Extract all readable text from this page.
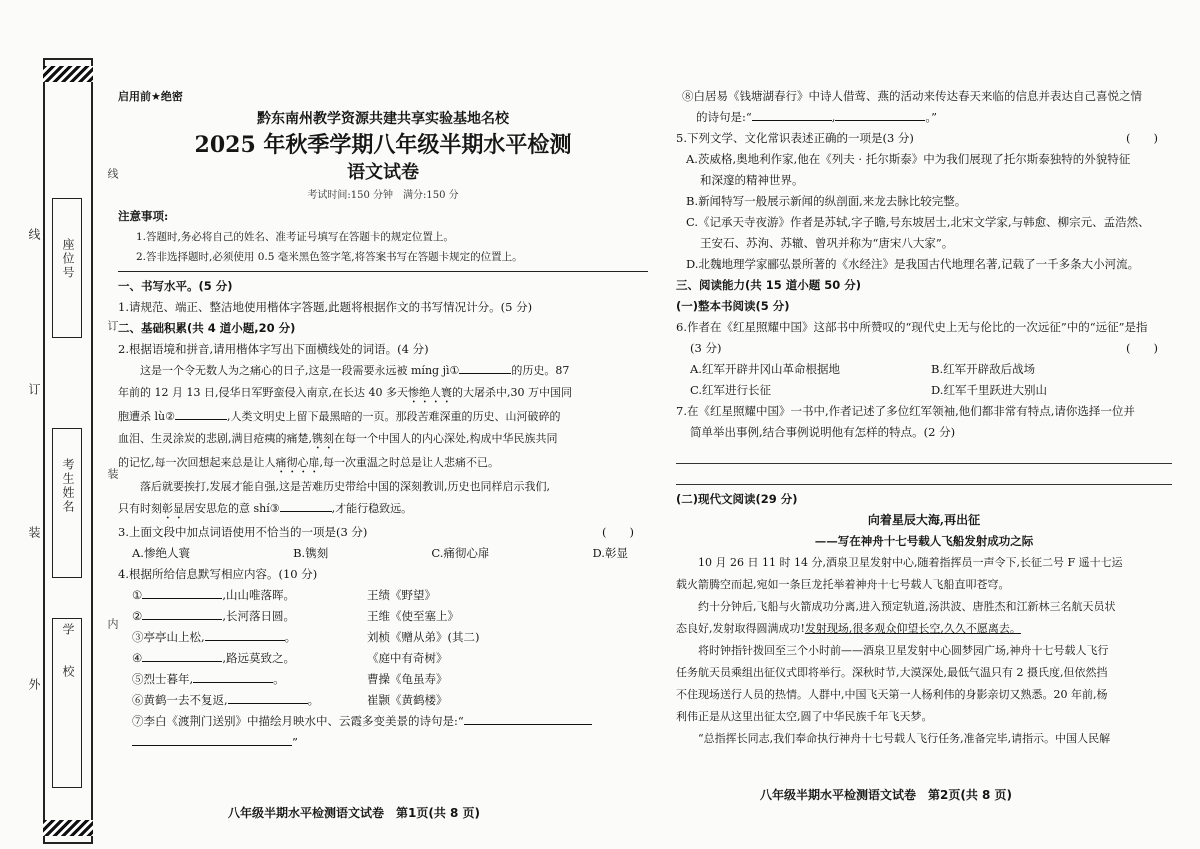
线
座位号
订
考生姓名
装
学　　校
外
线
订
装
内
启用前★绝密
黔东南州教学资源共建共享实验基地名校
2025 年秋季学期八年级半期水平检测
语文试卷
考试时间:150 分钟　满分:150 分
注意事项:
1.答题时,务必将自己的姓名、准考证号填写在答题卡的规定位置上。
2.答非选择题时,必须使用 0.5 毫米黑色签字笔,将答案书写在答题卡规定的位置上。
一、书写水平。(5 分)
1.请规范、端正、整洁地使用楷体字答题,此题将根据作文的书写情况计分。(5 分)
二、基础积累(共 4 道小题,20 分)
2.根据语境和拼音,请用楷体字写出下面横线处的词语。(4 分)
这是一个令无数人为之痛心的日子,这是一段需要永远被 míng jì①	的历史。87
年前的 12 月 13 日,侵华日军野蛮侵入南京,在长达 40 多天惨绝人寰的大屠杀中,30 万中国同
胞遭杀 lù②	,人类文明史上留下最黑暗的一页。那段苦难深重的历史、山河破碎的
血泪、生灵涂炭的悲剧,满目疮痍的痛楚,镌刻在每一个中国人的内心深处,构成中华民族共同
的记忆,每一次回想起来总是让人痛彻心扉,每一次重温之时总是让人悲痛不已。
落后就要挨打,发展才能自强,这是苦难历史带给中国的深刻教训,历史也同样启示我们,
只有时刻彰显居安思危的意 shí③	,才能行稳致远。
3.上面文段中加点词语使用不恰当的一项是(3 分)	(　　)
A.惨绝人寰	B.镌刻	C.痛彻心扉	D.彰显
4.根据所给信息默写相应内容。(10 分)
①	,山山唯落晖。	王绩《野望》
②	,长河落日圆。	王维《使至塞上》
③亭亭山上松,	。	刘桢《赠从弟》(其二)
④	,路远莫致之。	《庭中有奇树》
⑤烈士暮年,	。	曹操《龟虽寿》
⑥黄鹤一去不复返,	。	崔颢《黄鹤楼》
⑦李白《渡荆门送别》中描绘月映水中、云霞多变美景的诗句是:“
”
八年级半期水平检测语文试卷　第1页(共 8 页)
⑧白居易《钱塘湖春行》中诗人借莺、燕的活动来传达春天来临的信息并表达自己喜悦之情
的诗句是:“	,	。”
5.下列文学、文化常识表述正确的一项是(3 分)	(　　)
A.茨威格,奥地利作家,他在《列夫 · 托尔斯泰》中为我们展现了托尔斯泰独特的外貌特征
和深邃的精神世界。
B.新闻特写一般展示新闻的纵剖面,来龙去脉比较完整。
C.《记承天寺夜游》作者是苏轼,字子瞻,号东坡居士,北宋文学家,与韩愈、柳宗元、孟浩然、
王安石、苏洵、苏辙、曾巩并称为“唐宋八大家”。
D.北魏地理学家郦弘景所著的《水经注》是我国古代地理名著,记载了一千多条大小河流。
三、阅读能力(共 15 道小题 50 分)
(一)整本书阅读(5 分)
6.作者在《红星照耀中国》这部书中所赞叹的“现代史上无与伦比的一次远征”中的“远征”是指
(3 分)	(　　)
A.红军开辟井冈山革命根据地	B.红军开辟敌后战场
C.红军进行长征	D.红军千里跃进大别山
7.在《红星照耀中国》一书中,作者记述了多位红军领袖,他们都非常有特点,请你选择一位并
简单举出事例,结合事例说明他有怎样的特点。(2 分)
(二)现代文阅读(29 分)
向着星辰大海,再出征
——写在神舟十七号载人飞船发射成功之际
10 月 26 日 11 时 14 分,酒泉卫星发射中心,随着指挥员一声令下,长征二号 F 遥十七运
载火箭腾空而起,宛如一条巨龙托举着神舟十七号载人飞船直叩苍穹。
约十分钟后,飞船与火箭成功分离,进入预定轨道,汤洪波、唐胜杰和江新林三名航天员状
态良好,发射取得圆满成功!发射现场,很多观众仰望长空,久久不愿离去。
将时钟指针拨回至三个小时前——酒泉卫星发射中心圆梦园广场,神舟十七号载人飞行
任务航天员乘组出征仪式即将举行。深秋时节,大漠深处,最低气温只有 2 摄氏度,但依然挡
不住现场送行人员的热情。人群中,中国飞天第一人杨利伟的身影亲切又熟悉。20 年前,杨
利伟正是从这里出征太空,圆了中华民族千年飞天梦。
“总指挥长同志,我们奉命执行神舟十七号载人飞行任务,准备完毕,请指示。中国人民解
八年级半期水平检测语文试卷　第2页(共 8 页)
